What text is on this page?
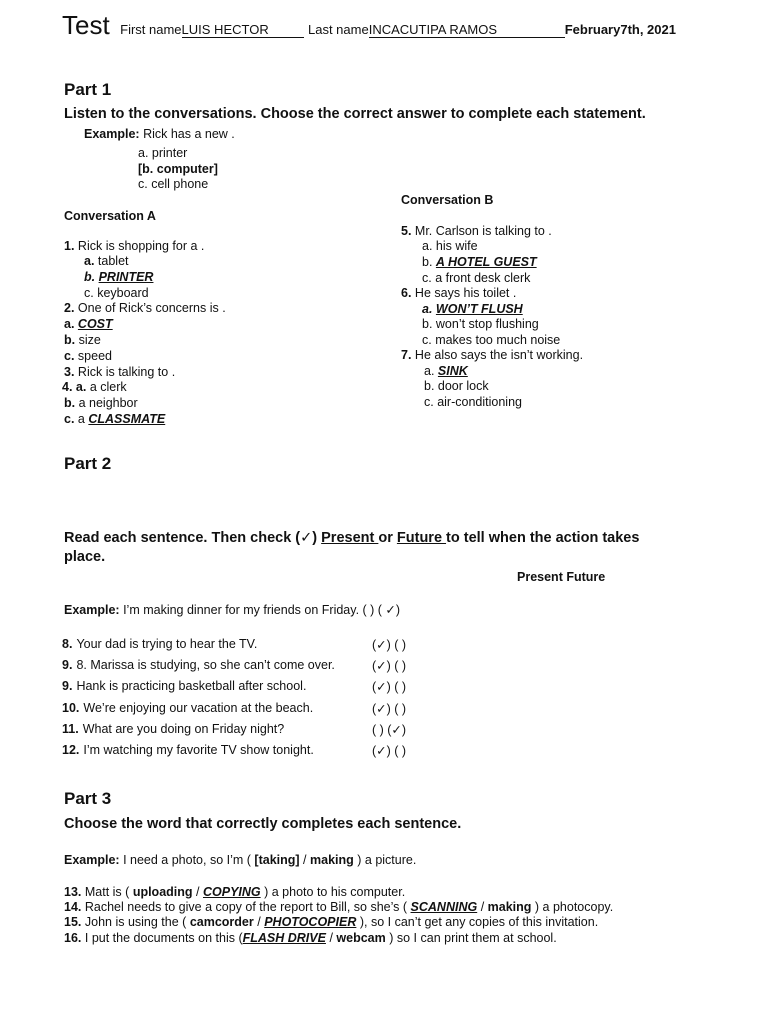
Test First nameLUIS HECTOR	Last nameINCACUTIPA RAMOS	February7th, 2021
Part 1
Listen to the conversations. Choose the correct answer to complete each statement.
Example: Rick has a new .
a. printer
[b. computer]
c. cell phone
Conversation A
1. Rick is shopping for a .
a. tablet
b. PRINTER
c. keyboard
2. One of Rick’s concerns is .
a. COST
b. size
c. speed
3. Rick is talking to .
4. a. a clerk
b. a neighbor
c. a CLASSMATE
Conversation B
5. Mr. Carlson is talking to .
a. his wife
b. A HOTEL GUEST
c. a front desk clerk
6. He says his toilet .
a. WON’T FLUSH
b. won’t stop flushing
c. makes too much noise
7. He also says the isn’t working.
a. SINK
b. door lock
c. air-conditioning
Part 2
Read each sentence. Then check (✓) Present or Future to tell when the action takes
place.
Present Future
Example: I’m making dinner for my friends on Friday. ( ) ( ✓)
8. Your dad is trying to hear the TV.	(✓) ( )
9. 8. Marissa is studying, so she can’t come over.	(✓) ( )
9. Hank is practicing basketball after school.	(✓) ( )
10. We’re enjoying our vacation at the beach.	(✓) ( )
11. What are you doing on Friday night?	( ) (✓)
12. I’m watching my favorite TV show tonight.	(✓) ( )
Part 3
Choose the word that correctly completes each sentence.
Example: I need a photo, so I’m ( [taking] / making ) a picture.
13. Matt is ( uploading / COPYING ) a photo to his computer.
14. Rachel needs to give a copy of the report to Bill, so she’s ( SCANNING / making ) a photocopy.
15. John is using the ( camcorder / PHOTOCOPIER ), so I can’t get any copies of this invitation.
16. I put the documents on this (FLASH DRIVE / webcam ) so I can print them at school.
